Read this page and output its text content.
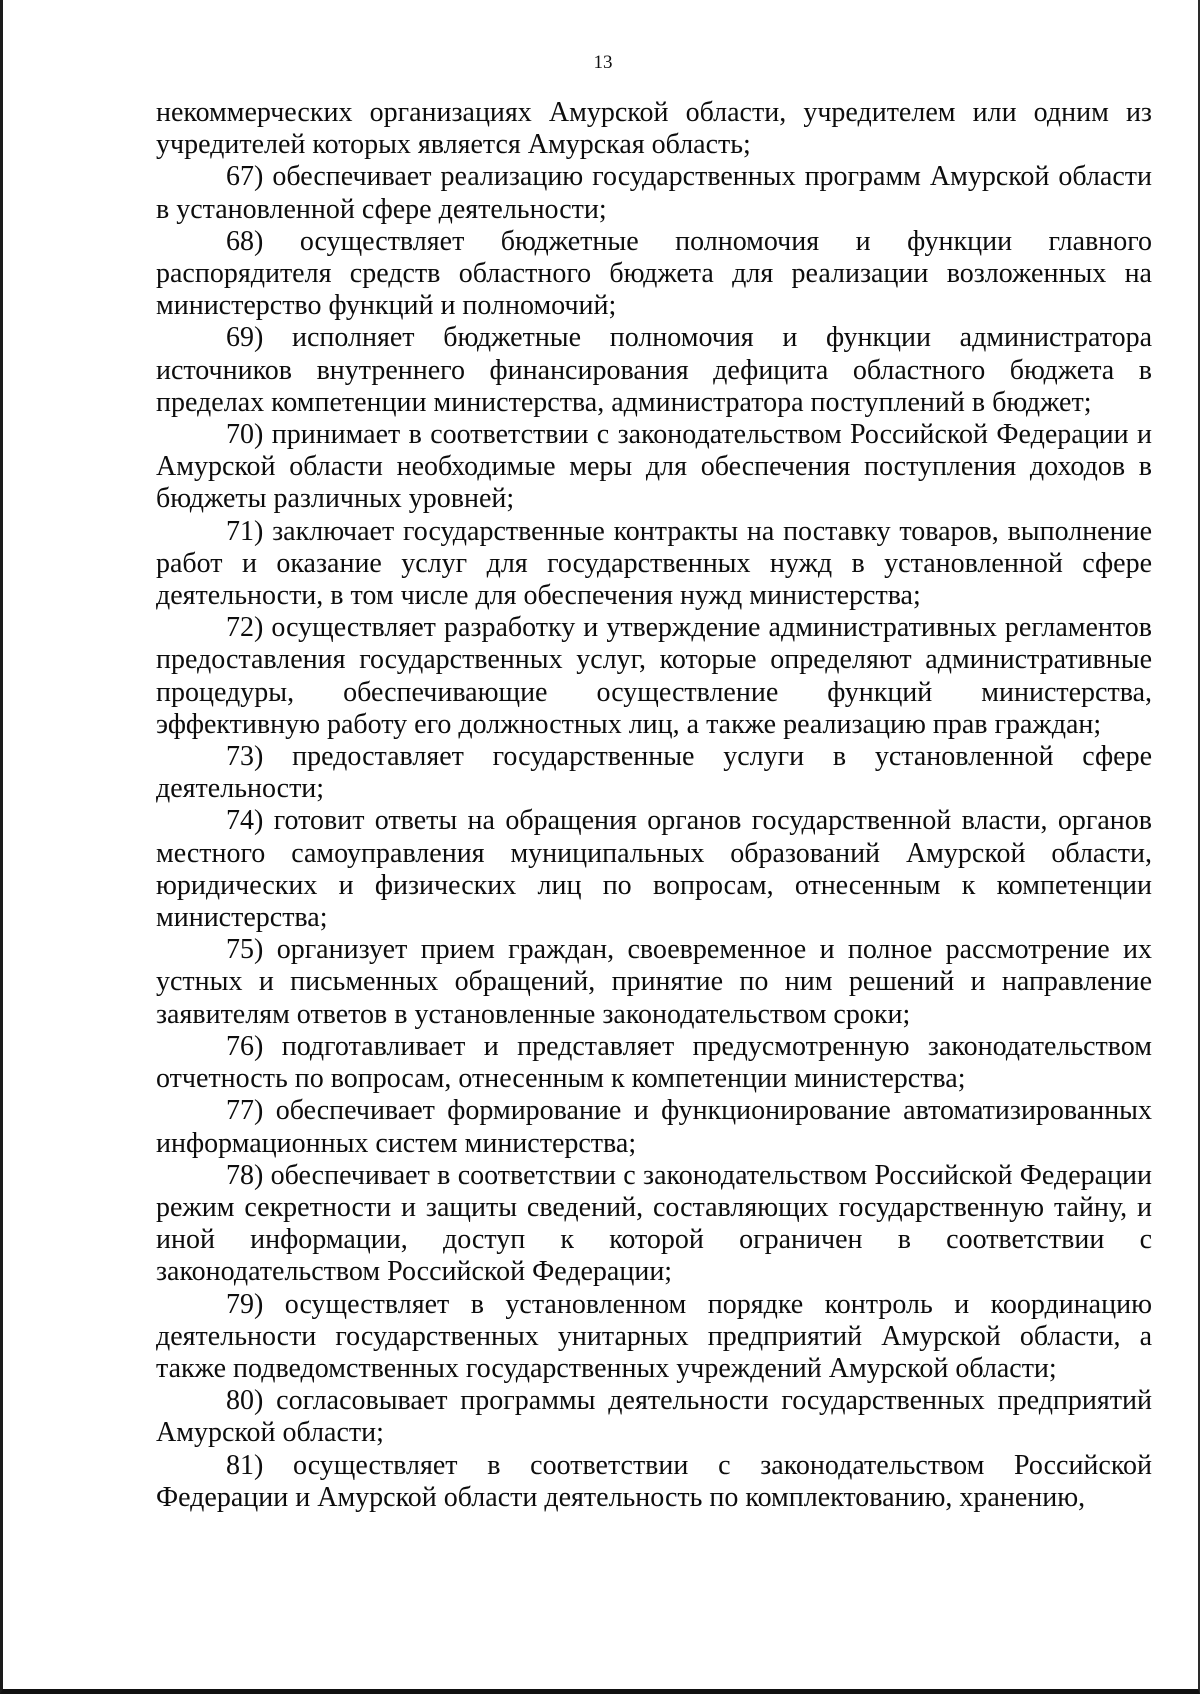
13

некоммерческих организациях Амурской области, учредителем или одним из учредителей которых является Амурская область;

67) обеспечивает реализацию государственных программ Амурской области в установленной сфере деятельности;

68) осуществляет бюджетные полномочия и функции главного распорядителя средств областного бюджета для реализации возложенных на министерство функций и полномочий;

69) исполняет бюджетные полномочия и функции администратора источников внутреннего финансирования дефицита областного бюджета в пределах компетенции министерства, администратора поступлений в бюджет;

70) принимает в соответствии с законодательством Российской Федерации и Амурской области необходимые меры для обеспечения поступления доходов в бюджеты различных уровней;

71) заключает государственные контракты на поставку товаров, выполнение работ и оказание услуг для государственных нужд в установленной сфере деятельности, в том числе для обеспечения нужд министерства;

72) осуществляет разработку и утверждение административных регламентов предоставления государственных услуг, которые определяют административные процедуры, обеспечивающие осуществление функций министерства, эффективную работу его должностных лиц, а также реализацию прав граждан;

73) предоставляет государственные услуги в установленной сфере деятельности;

74) готовит ответы на обращения органов государственной власти, органов местного самоуправления муниципальных образований Амурской области, юридических и физических лиц по вопросам, отнесенным к компетенции министерства;

75) организует прием граждан, своевременное и полное рассмотрение их устных и письменных обращений, принятие по ним решений и направление заявителям ответов в установленные законодательством сроки;

76) подготавливает и представляет предусмотренную законодательством отчетность по вопросам, отнесенным к компетенции министерства;

77) обеспечивает формирование и функционирование автоматизированных информационных систем министерства;

78) обеспечивает в соответствии с законодательством Российской Федерации режим секретности и защиты сведений, составляющих государственную тайну, и иной информации, доступ к которой ограничен в соответствии с законодательством Российской Федерации;

79) осуществляет в установленном порядке контроль и координацию деятельности государственных унитарных предприятий Амурской области, а также подведомственных государственных учреждений Амурской области;

80) согласовывает программы деятельности государственных предприятий Амурской области;

81) осуществляет в соответствии с законодательством Российской Федерации и Амурской области деятельность по комплектованию, хранению,
